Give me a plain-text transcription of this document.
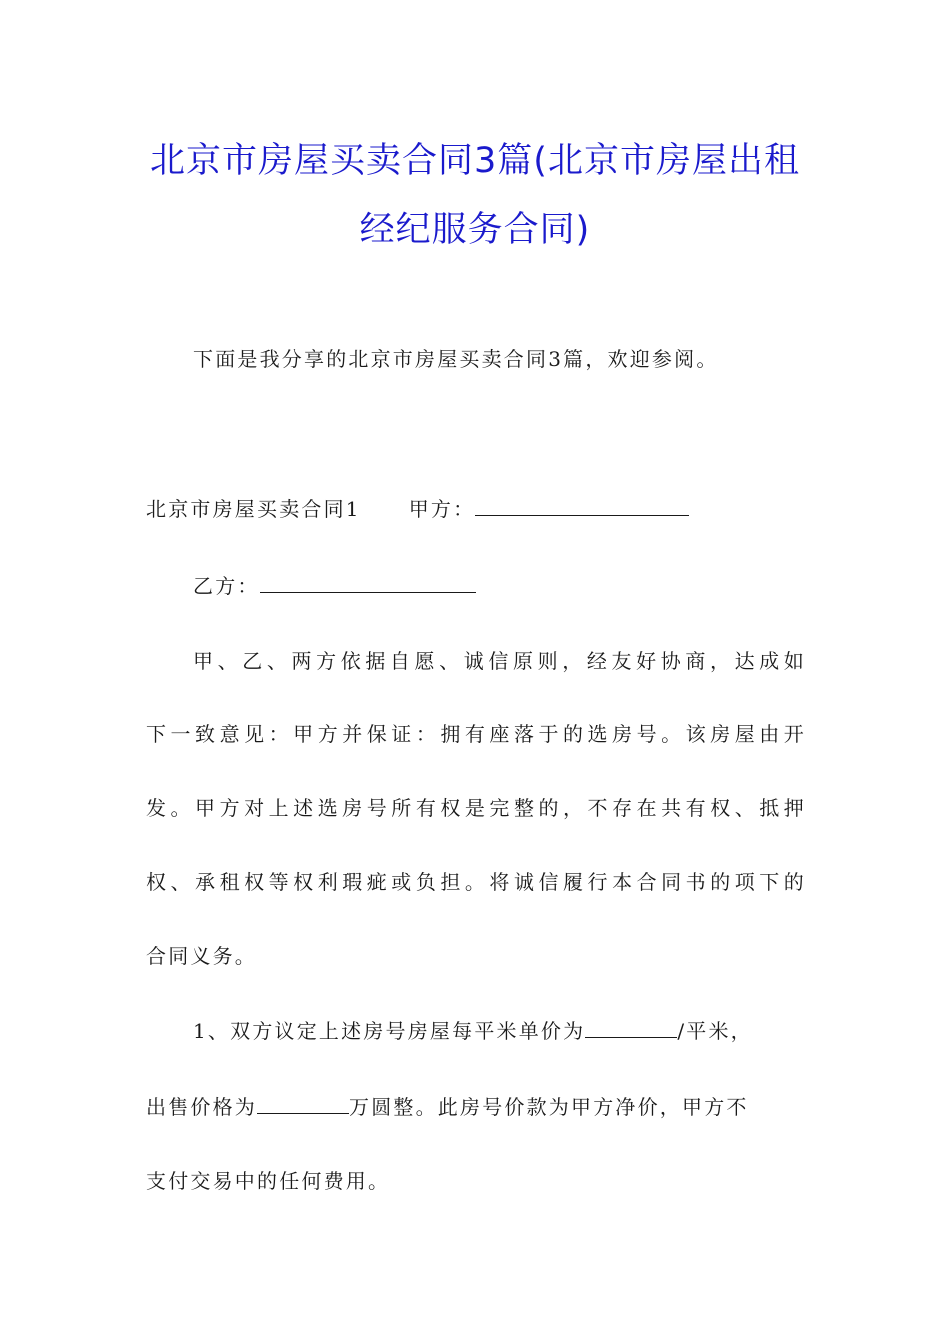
北京市房屋买卖合同3篇(北京市房屋出租
经纪服务合同)
下面是我分享的北京市房屋买卖合同3篇，欢迎参阅。
北京市房屋买卖合同1 甲方：
乙方：
甲、乙、两方依据自愿、诚信原则，经友好协商，达成如
下一致意见：甲方并保证：拥有座落于的选房号。该房屋由开
发。甲方对上述选房号所有权是完整的，不存在共有权、抵押
权、承租权等权利瑕疵或负担。将诚信履行本合同书的项下的
合同义务。
1、双方议定上述房号房屋每平米单价为	/平米，
出售价格为	万圆整。此房号价款为甲方净价，甲方不
支付交易中的任何费用。
